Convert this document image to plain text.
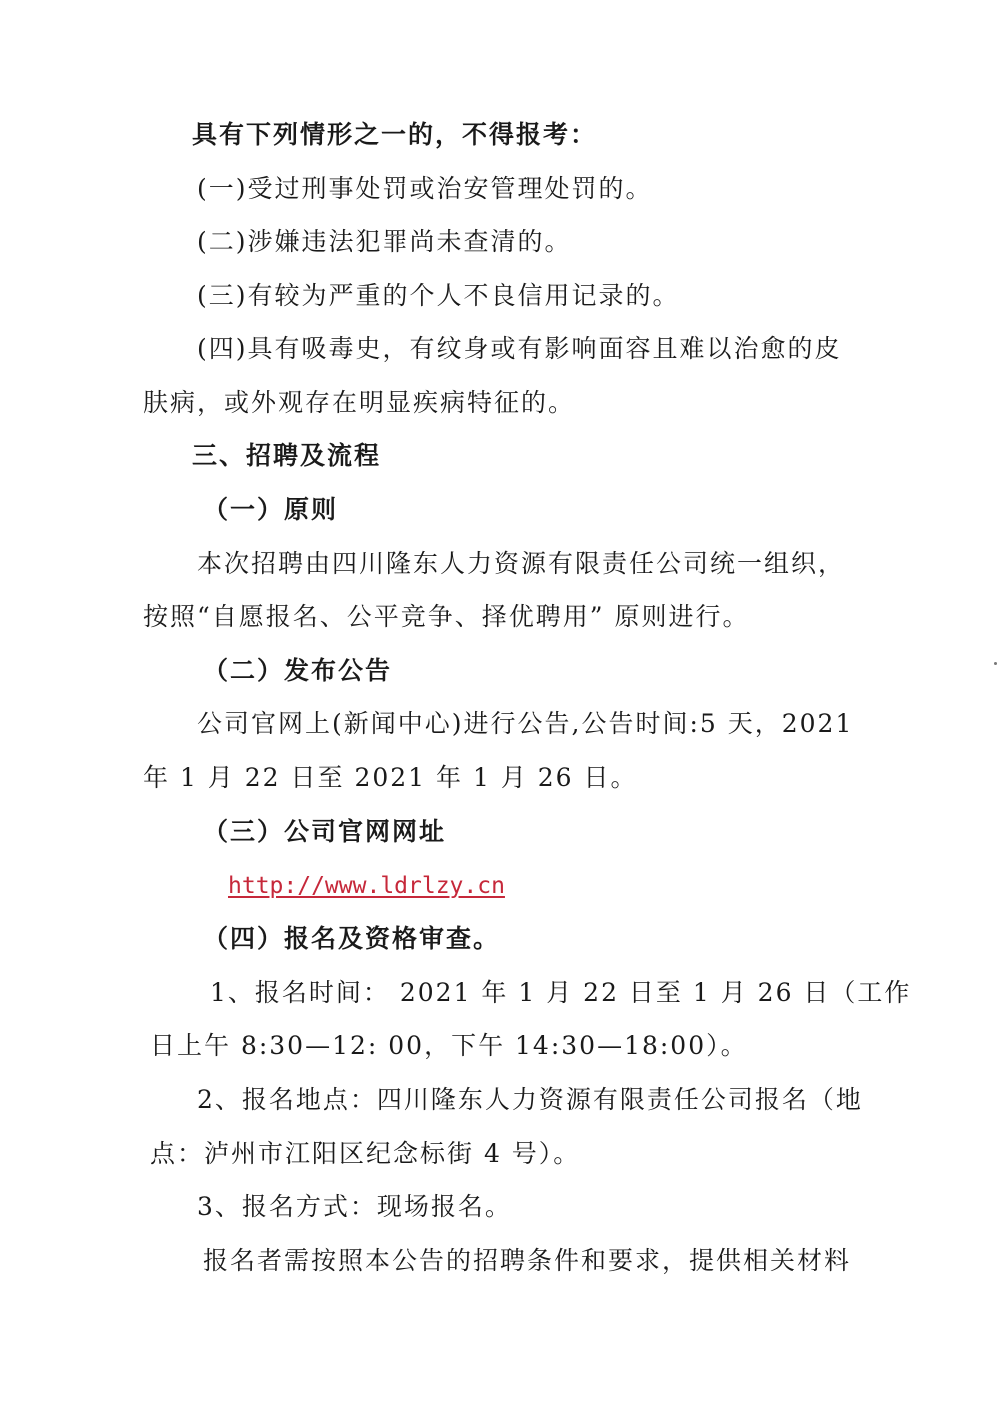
具有下列情形之一的，不得报考：
(一)受过刑事处罚或治安管理处罚的。
(二)涉嫌违法犯罪尚未查清的。
(三)有较为严重的个人不良信用记录的。
(四)具有吸毒史，有纹身或有影响面容且难以治愈的皮
肤病，或外观存在明显疾病特征的。
三、招聘及流程
（一）原则
本次招聘由四川隆东人力资源有限责任公司统一组织，
按照“自愿报名、公平竞争、择优聘用” 原则进行。
（二）发布公告
公司官网上(新闻中心)进行公告,公告时间:5 天，2021
年 1 月 22 日至 2021 年 1 月 26 日。
（三）公司官网网址
http://www.ldrlzy.cn
（四）报名及资格审查。
1、报名时间： 2021 年 1 月 22 日至 1 月 26 日（工作
日上午 8:30—12: 00，下午 14:30—18:00）。
2、报名地点：四川隆东人力资源有限责任公司报名（地
点：泸州市江阳区纪念标街 4 号）。
3、报名方式：现场报名。
报名者需按照本公告的招聘条件和要求，提供相关材料
